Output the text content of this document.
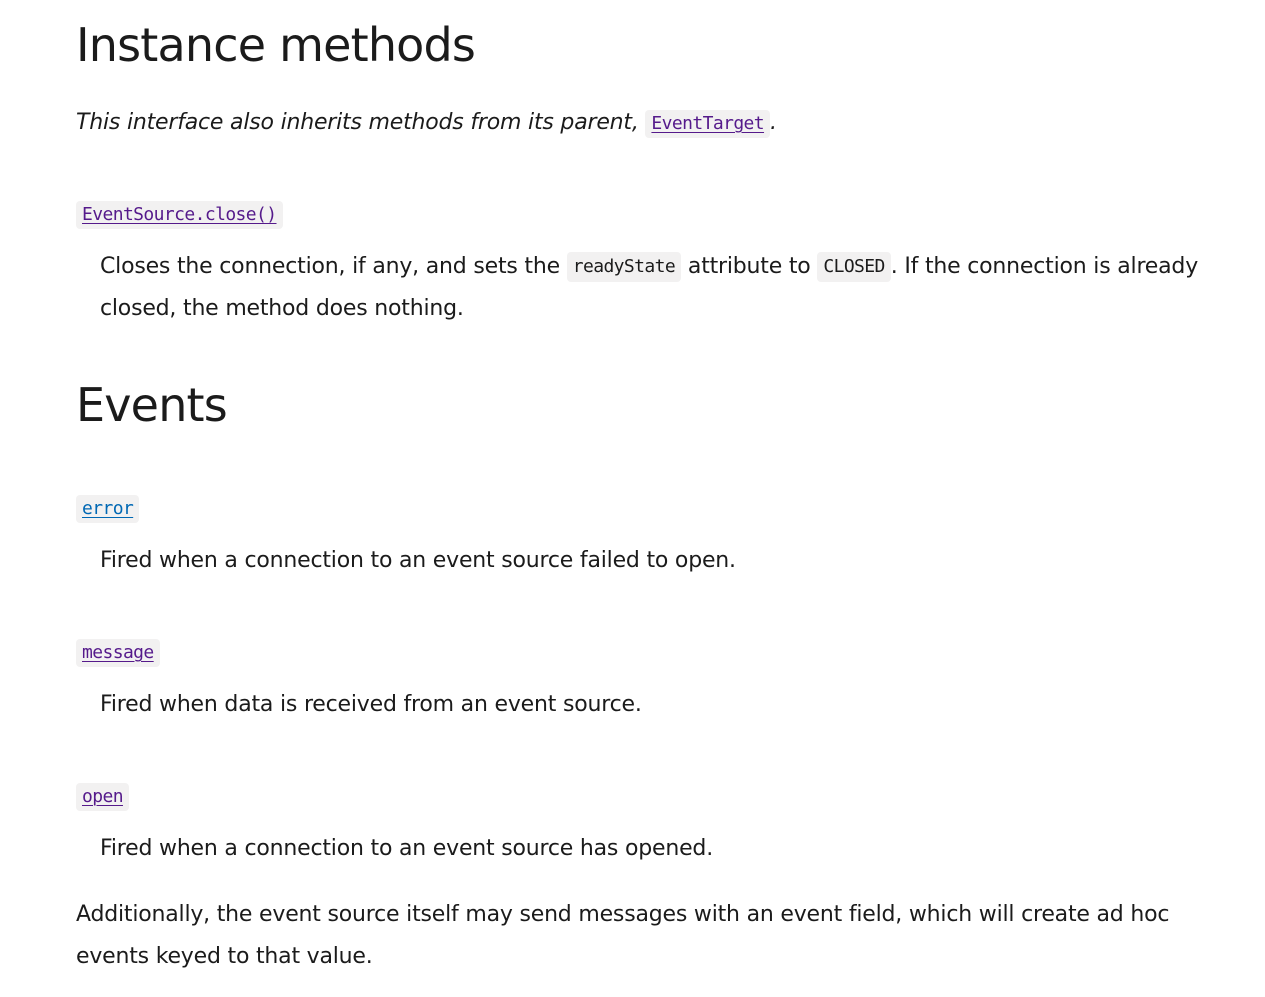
Instance methods

This interface also inherits methods from its parent, EventTarget .

EventSource.close()
Closes the connection, if any, and sets the readyState attribute to CLOSED . If the connection is already closed, the method does nothing.
Events
error
Fired when a connection to an event source failed to open.
message
Fired when data is received from an event source.
open
Fired when a connection to an event source has opened.

Additionally, the event source itself may send messages with an event field, which will create ad hoc events keyed to that value.
